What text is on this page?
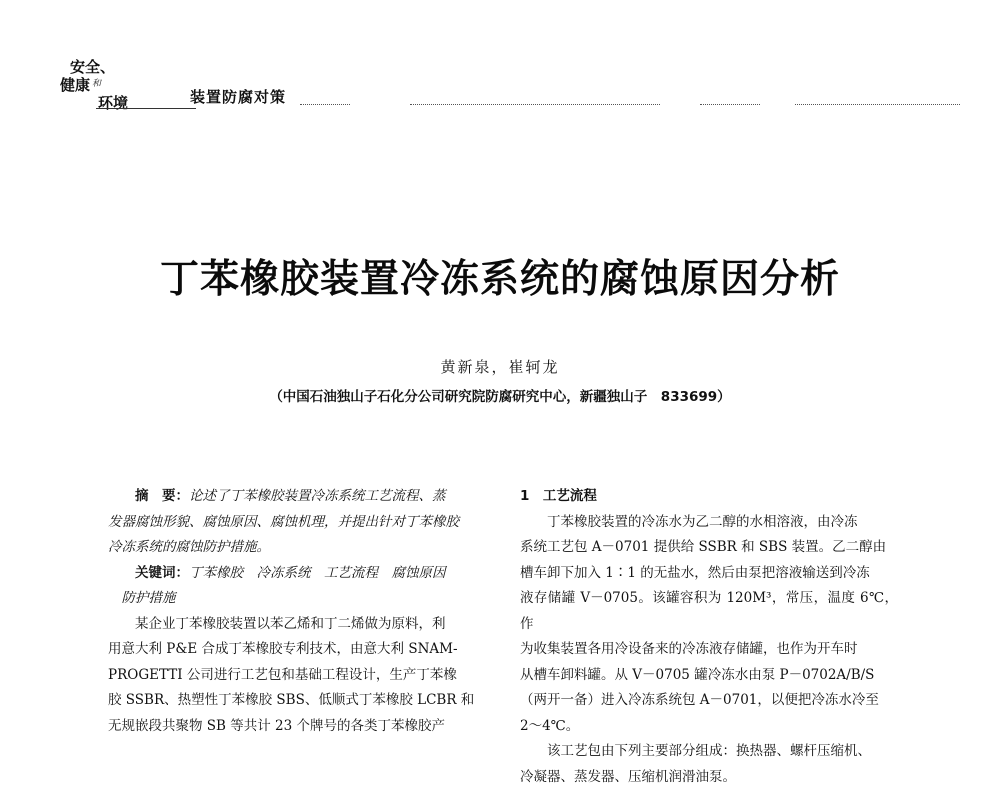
安全、
健康 和
环境	装置防腐对策
丁苯橡胶装置冷冻系统的腐蚀原因分析
黄新泉，崔轲龙
（中国石油独山子石化分公司研究院防腐研究中心，新疆独山子　833699）

摘　要：论述了丁苯橡胶装置冷冻系统工艺流程、蒸

发器腐蚀形貌、腐蚀原因、腐蚀机理，并提出针对丁苯橡胶

冷冻系统的腐蚀防护措施。

关键词：丁苯橡胶　冷冻系统　工艺流程　腐蚀原因

防护措施

某企业丁苯橡胶装置以苯乙烯和丁二烯做为原料，利

用意大利 P&E 合成丁苯橡胶专利技术，由意大利 SNAM-

PROGETTI 公司进行工艺包和基础工程设计，生产丁苯橡

胶 SSBR、热塑性丁苯橡胶 SBS、低顺式丁苯橡胶 LCBR 和

无规嵌段共聚物 SB 等共计 23 个牌号的各类丁苯橡胶产

1　工艺流程

丁苯橡胶装置的冷冻水为乙二醇的水相溶液，由冷冻

系统工艺包 A－0701 提供给 SSBR 和 SBS 装置。乙二醇由

槽车卸下加入 1∶1 的无盐水，然后由泵把溶液输送到冷冻

液存储罐 V－0705。该罐容积为 120M³，常压，温度 6℃，作

为收集装置各用冷设备来的冷冻液存储罐，也作为开车时

从槽车卸料罐。从 V－0705 罐冷冻水由泵 P－0702A/B/S

（两开一备）进入冷冻系统包 A－0701，以便把冷冻水冷至

2～4℃。

该工艺包由下列主要部分组成：换热器、螺杆压缩机、

冷凝器、蒸发器、压缩机润滑油泵。
